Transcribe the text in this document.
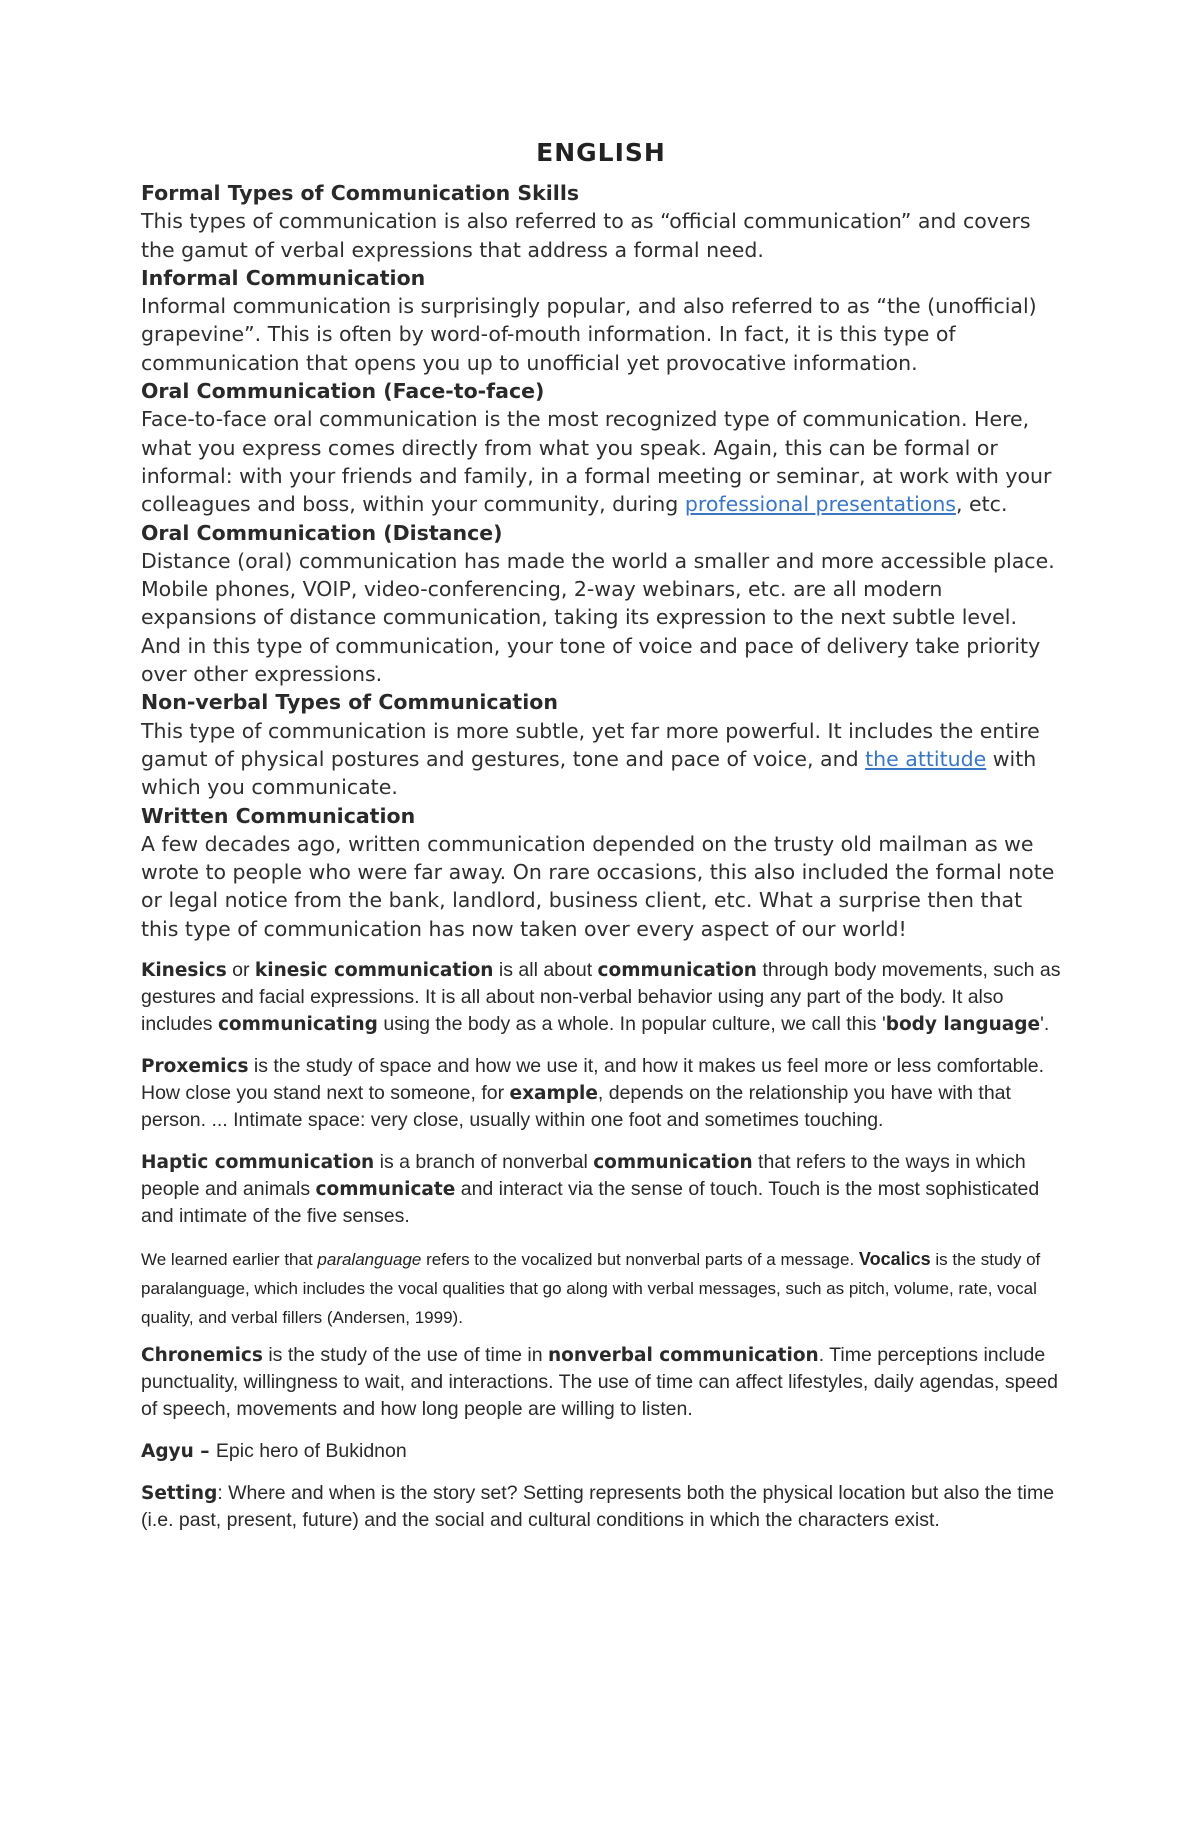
ENGLISH
Formal Types of Communication Skills

This types of communication is also referred to as “official communication” and covers the gamut of verbal expressions that address a formal need.

Informal Communication

Informal communication is surprisingly popular, and also referred to as “the (unofficial) grapevine”. This is often by word-of-mouth information. In fact, it is this type of communication that opens you up to unofficial yet provocative information.

Oral Communication (Face-to-face)

Face-to-face oral communication is the most recognized type of communication. Here, what you express comes directly from what you speak. Again, this can be formal or informal: with your friends and family, in a formal meeting or seminar, at work with your colleagues and boss, within your community, during professional presentations, etc.

Oral Communication (Distance)

Distance (oral) communication has made the world a smaller and more accessible place. Mobile phones, VOIP, video-conferencing, 2-way webinars, etc. are all modern expansions of distance communication, taking its expression to the next subtle level. And in this type of communication, your tone of voice and pace of delivery take priority over other expressions.

Non-verbal Types of Communication

This type of communication is more subtle, yet far more powerful. It includes the entire gamut of physical postures and gestures, tone and pace of voice, and the attitude with which you communicate.

Written Communication

A few decades ago, written communication depended on the trusty old mailman as we wrote to people who were far away. On rare occasions, this also included the formal note or legal notice from the bank, landlord, business client, etc. What a surprise then that this type of communication has now taken over every aspect of our world!

Kinesics or kinesic communication is all about communication through body movements, such as gestures and facial expressions. It is all about non-verbal behavior using any part of the body. It also includes communicating using the body as a whole. In popular culture, we call this 'body language'.

Proxemics is the study of space and how we use it, and how it makes us feel more or less comfortable. How close you stand next to someone, for example, depends on the relationship you have with that person. ... Intimate space: very close, usually within one foot and sometimes touching.

Haptic communication is a branch of nonverbal communication that refers to the ways in which people and animals communicate and interact via the sense of touch. Touch is the most sophisticated and intimate of the five senses.

We learned earlier that paralanguage refers to the vocalized but nonverbal parts of a message. Vocalics is the study of paralanguage, which includes the vocal qualities that go along with verbal messages, such as pitch, volume, rate, vocal quality, and verbal fillers (Andersen, 1999).

Chronemics is the study of the use of time in nonverbal communication. Time perceptions include punctuality, willingness to wait, and interactions. The use of time can affect lifestyles, daily agendas, speed of speech, movements and how long people are willing to listen.

Agyu – Epic hero of Bukidnon

Setting: Where and when is the story set? Setting represents both the physical location but also the time (i.e. past, present, future) and the social and cultural conditions in which the characters exist.
